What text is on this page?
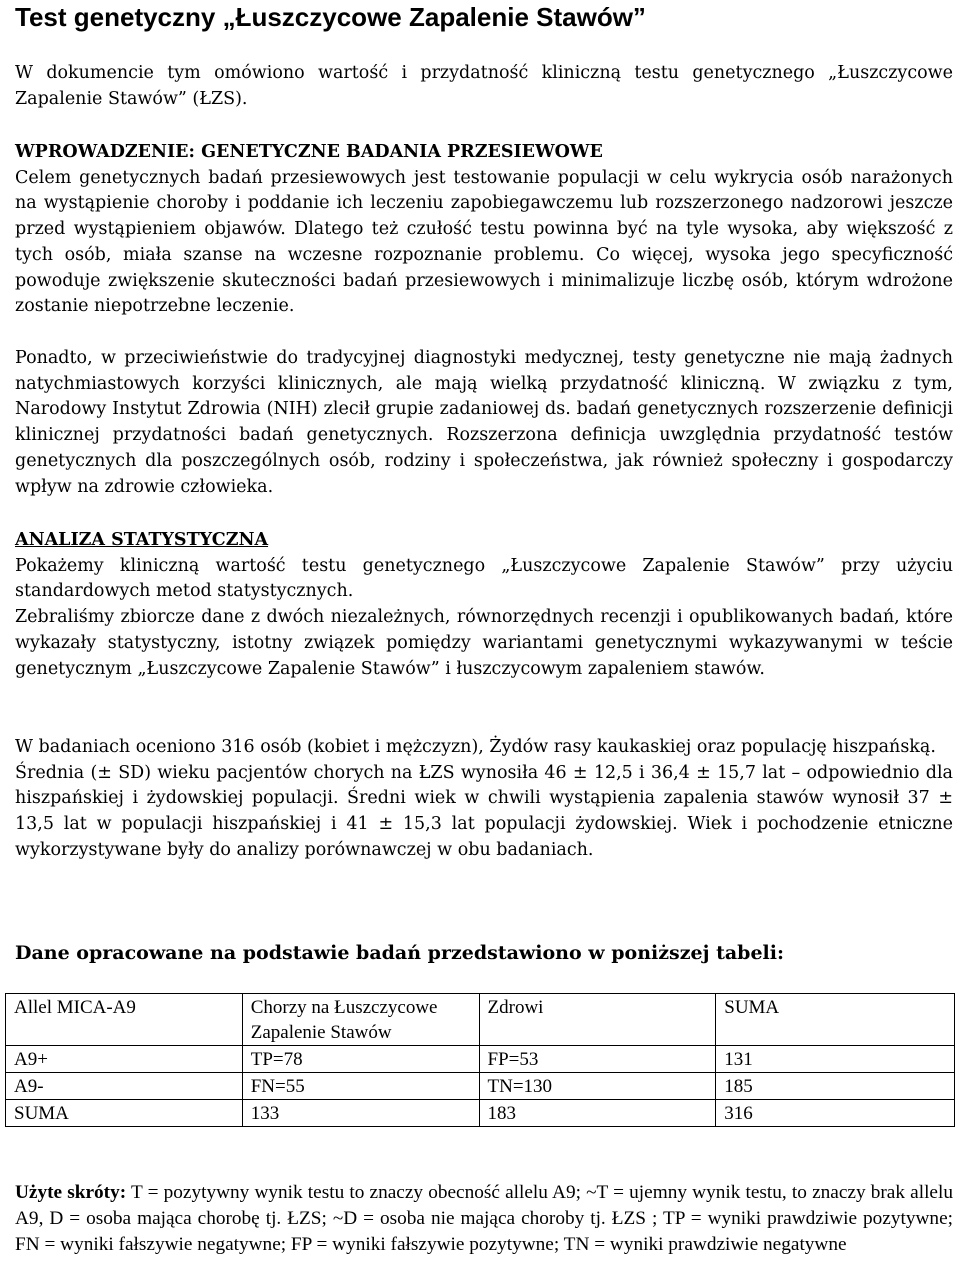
Test genetyczny „Łuszczycowe Zapalenie Stawów”

W dokumencie tym omówiono wartość i przydatność kliniczną testu genetycznego „Łuszczycowe Zapalenie Stawów” (ŁZS).

WPROWADZENIE: GENETYCZNE BADANIA PRZESIEWOWE
Celem genetycznych badań przesiewowych jest testowanie populacji w celu wykrycia osób narażonych na wystąpienie choroby i poddanie ich leczeniu zapobiegawczemu lub rozszerzonego nadzorowi jeszcze przed wystąpieniem objawów. Dlatego też czułość testu powinna być na tyle wysoka, aby większość z tych osób, miała szanse na wczesne rozpoznanie problemu. Co więcej, wysoka jego specyficzność powoduje zwiększenie skuteczności badań przesiewowych i minimalizuje liczbę osób, którym wdrożone zostanie niepotrzebne leczenie.

Ponadto, w przeciwieństwie do tradycyjnej diagnostyki medycznej, testy genetyczne nie mają żadnych natychmiastowych korzyści klinicznych, ale mają wielką przydatność kliniczną. W związku z tym, Narodowy Instytut Zdrowia (NIH) zlecił grupie zadaniowej ds. badań genetycznych rozszerzenie definicji klinicznej przydatności badań genetycznych. Rozszerzona definicja uwzględnia przydatność testów genetycznych dla poszczególnych osób, rodziny i społeczeństwa, jak również społeczny i gospodarczy wpływ na zdrowie człowieka.

ANALIZA STATYSTYCZNA
Pokażemy kliniczną wartość testu genetycznego „Łuszczycowe Zapalenie Stawów” przy użyciu standardowych metod statystycznych.
Zebraliśmy zbiorcze dane z dwóch niezależnych, równorzędnych recenzji i opublikowanych badań, które wykazały statystyczny, istotny związek pomiędzy wariantami genetycznymi wykazywanymi w teście genetycznym „Łuszczycowe Zapalenie Stawów” i łuszczycowym zapaleniem stawów.
W badaniach oceniono 316 osób (kobiet i mężczyzn), Żydów rasy kaukaskiej oraz populację hiszpańską.
Średnia (± SD) wieku pacjentów chorych na ŁZS wynosiła 46 ± 12,5 i 36,4 ± 15,7 lat – odpowiednio dla hiszpańskiej i żydowskiej populacji. Średni wiek w chwili wystąpienia zapalenia stawów wynosił 37 ± 13,5 lat w populacji hiszpańskiej i 41 ± 15,3 lat populacji żydowskiej. Wiek i pochodzenie etniczne wykorzystywane były do analizy porównawczej w obu badaniach.

Dane opracowane na podstawie badań przedstawiono w poniższej tabeli:

Allel MICA-A9	Chorzy na Łuszczycowe Zapalenie Stawów	Zdrowi	SUMA
A9+	TP=78	FP=53	131
A9-	FN=55	TN=130	185
SUMA	133	183	316

Użyte skróty: T = pozytywny wynik testu to znaczy obecność allelu A9; ~T = ujemny wynik testu, to znaczy brak allelu A9, D = osoba mająca chorobę tj. ŁZS; ~D = osoba nie mająca choroby tj. ŁZS ; TP = wyniki prawdziwie pozytywne; FN = wyniki fałszywie negatywne; FP = wyniki fałszywie pozytywne; TN = wyniki prawdziwie negatywne
